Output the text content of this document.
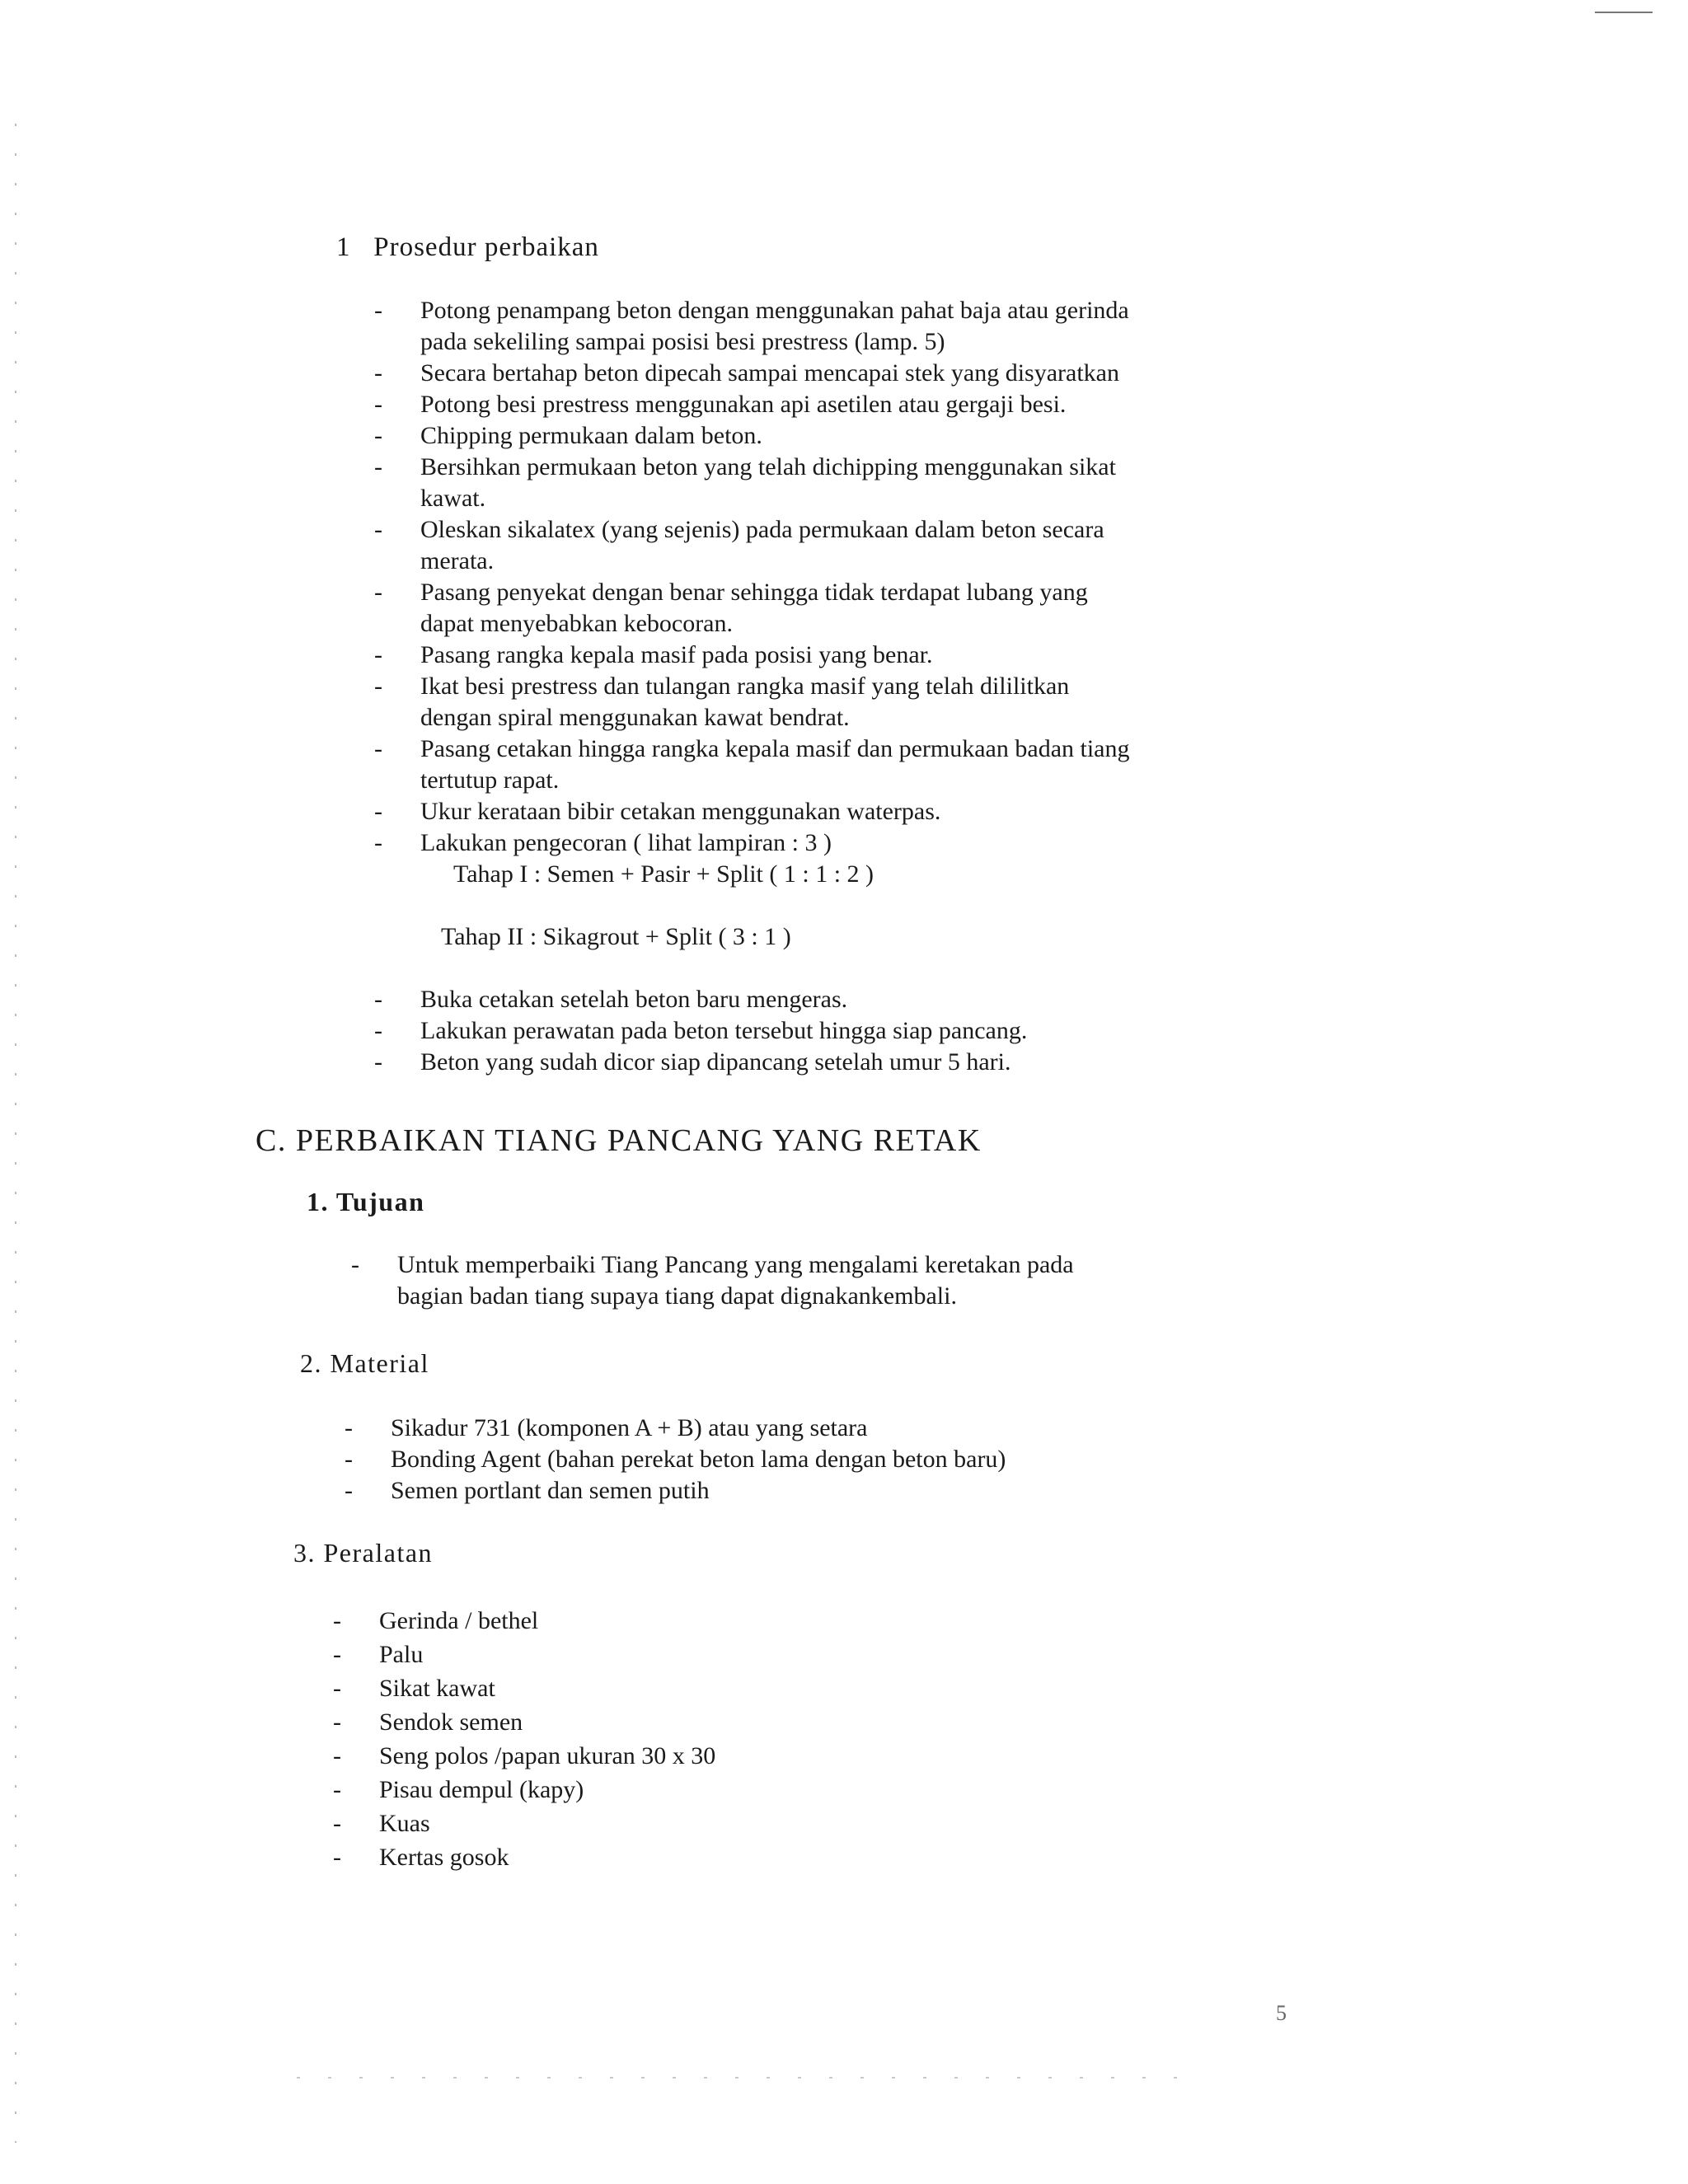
1 Prosedur perbaikan
- Potong penampang beton dengan menggunakan pahat baja atau gerinda
pada sekeliling sampai posisi besi prestress (lamp. 5)
- Secara bertahap beton dipecah sampai mencapai stek yang disyaratkan
- Potong besi prestress menggunakan api asetilen atau gergaji besi.
- Chipping permukaan dalam beton.
- Bersihkan permukaan beton yang telah dichipping menggunakan sikat
kawat.
- Oleskan sikalatex (yang sejenis) pada permukaan dalam beton secara
merata.
- Pasang penyekat dengan benar sehingga tidak terdapat lubang yang
dapat menyebabkan kebocoran.
- Pasang rangka kepala masif pada posisi yang benar.
- Ikat besi prestress dan tulangan rangka masif yang telah dililitkan
dengan spiral menggunakan kawat bendrat.
- Pasang cetakan hingga rangka kepala masif dan permukaan badan tiang
tertutup rapat.
- Ukur kerataan bibir cetakan menggunakan waterpas.
- Lakukan pengecoran ( lihat lampiran : 3 )

Tahap I : Semen + Pasir + Split ( 1 : 1 : 2 )

Tahap II : Sikagrout + Split ( 3 : 1 )

- Buka cetakan setelah beton baru mengeras.
- Lakukan perawatan pada beton tersebut hingga siap pancang.
- Beton yang sudah dicor siap dipancang setelah umur 5 hari.
C. PERBAIKAN TIANG PANCANG YANG RETAK
1. Tujuan
- Untuk memperbaiki Tiang Pancang yang mengalami keretakan pada
bagian badan tiang supaya tiang dapat dignakankembali.
2. Material
- Sikadur 731 (komponen A + B) atau yang setara
- Bonding Agent (bahan perekat beton lama dengan beton baru)
- Semen portlant dan semen putih
3. Peralatan
- Gerinda / bethel
- Palu
- Sikat kawat
- Sendok semen
- Seng polos /papan ukuran 30 x 30
- Pisau dempul (kapy)
- Kuas
- Kertas gosok
5
